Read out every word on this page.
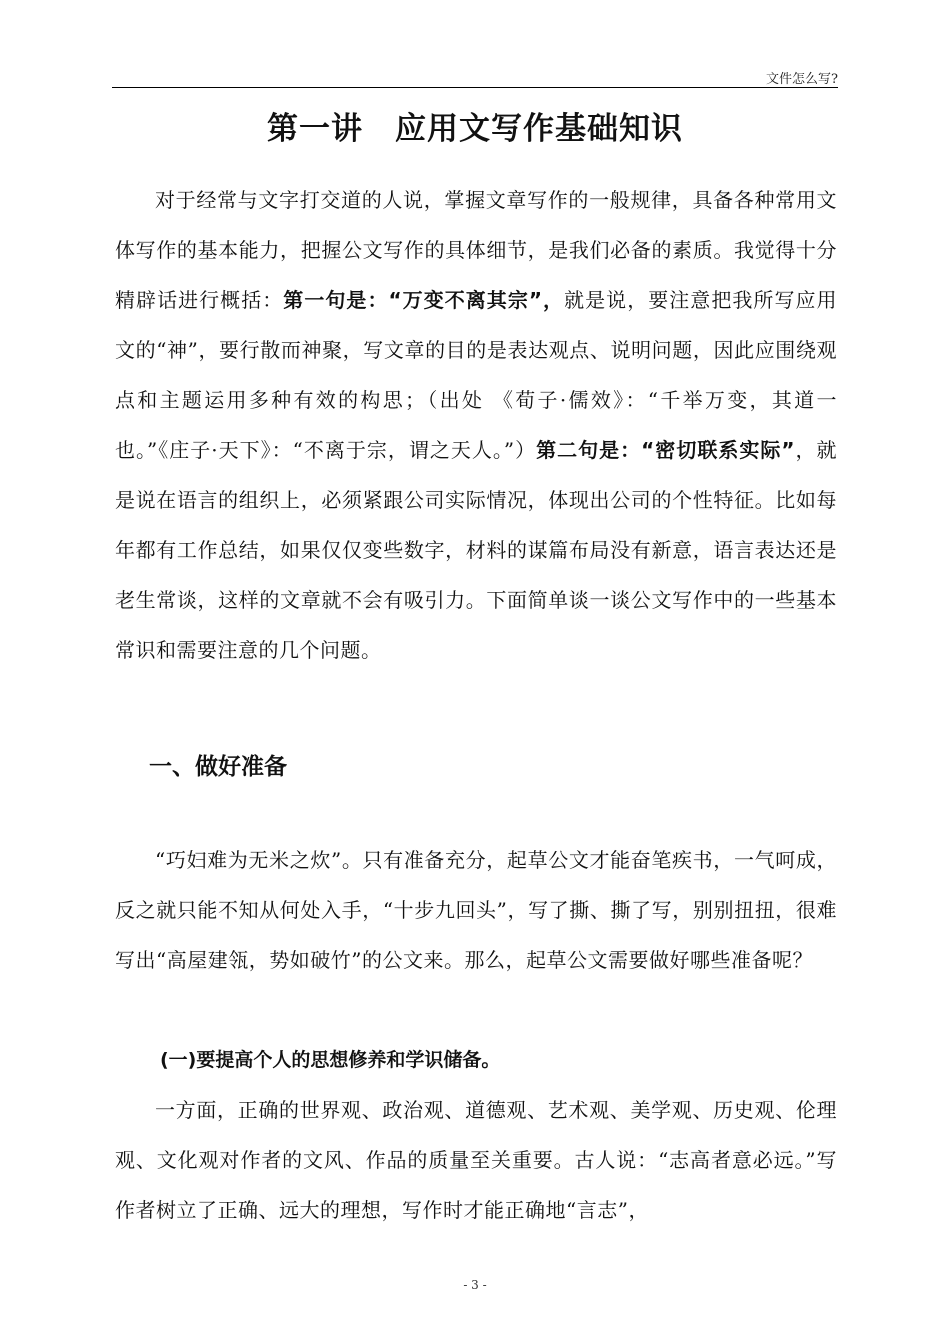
文件怎么写?
第一讲　应用文写作基础知识
对于经常与文字打交道的人说，掌握文章写作的一般规律，具备各种常用文体写作的基本能力，把握公文写作的具体细节，是我们必备的素质。我觉得十分精辟话进行概括：第一句是：“万变不离其宗”，就是说，要注意把我所写应用文的“神”，要行散而神聚，写文章的目的是表达观点、说明问题，因此应围绕观点和主题运用多种有效的构思；（出处 《荀子·儒效》：“千举万变，其道一也。”《庄子·天下》：“不离于宗，谓之天人。”）第二句是：“密切联系实际”，就是说在语言的组织上，必须紧跟公司实际情况，体现出公司的个性特征。比如每年都有工作总结，如果仅仅变些数字，材料的谋篇布局没有新意，语言表达还是老生常谈，这样的文章就不会有吸引力。下面简单谈一谈公文写作中的一些基本常识和需要注意的几个问题。
一、做好准备
“巧妇难为无米之炊”。只有准备充分，起草公文才能奋笔疾书，一气呵成，反之就只能不知从何处入手，“十步九回头”，写了撕、撕了写，别别扭扭，很难写出“高屋建瓴，势如破竹”的公文来。那么，起草公文需要做好哪些准备呢？
(一)要提高个人的思想修养和学识储备。
一方面，正确的世界观、政治观、道德观、艺术观、美学观、历史观、伦理观、文化观对作者的文风、作品的质量至关重要。古人说：“志高者意必远。”写作者树立了正确、远大的理想，写作时才能正确地“言志”，
- 3 -
